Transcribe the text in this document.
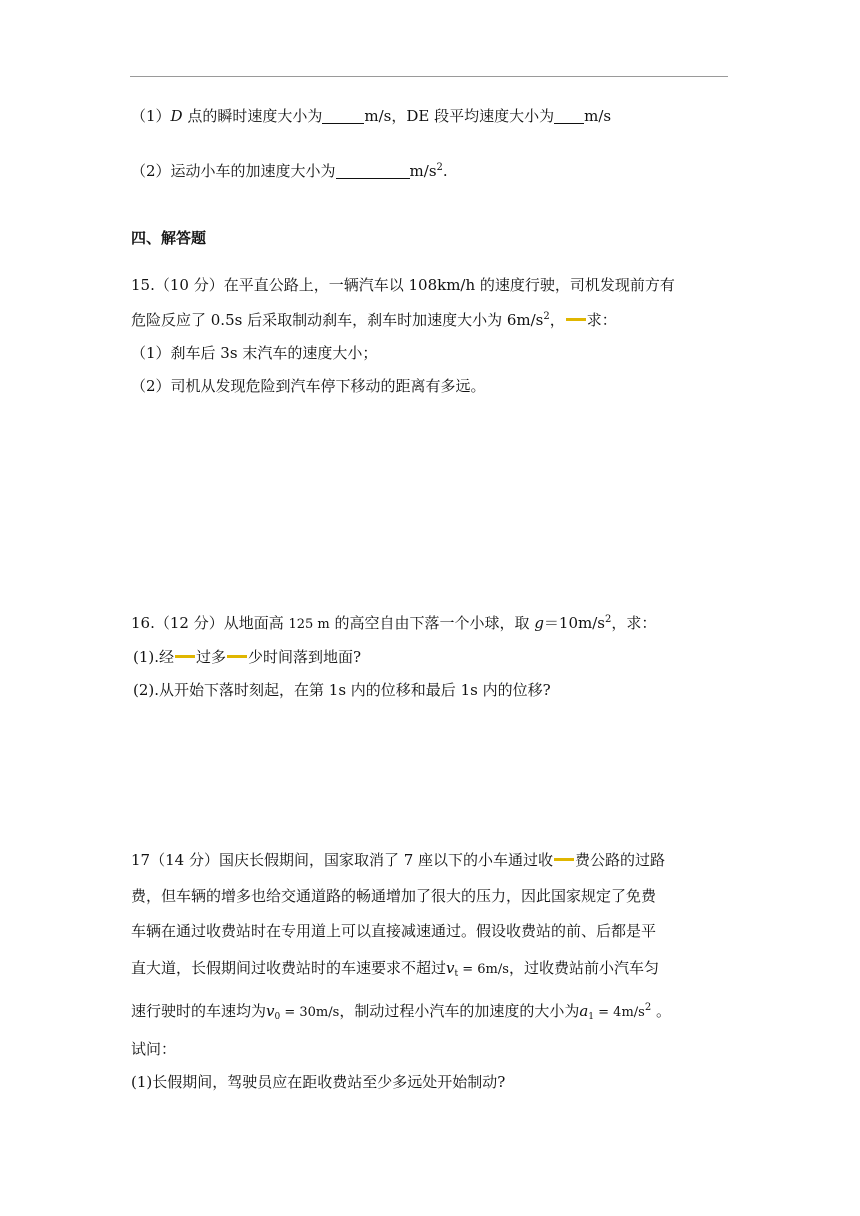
（1）D 点的瞬时速度大小为	m/s，DE 段平均速度大小为 m/s
（2）运动小车的加速度大小为	$m/s^2$.
四、解答题
15.（10 分）在平直公路上，一辆汽车以 108km/h 的速度行驶，司机发现前方有
危险反应了 0.5s 后采取制动刹车，刹车时加速度大小为 $6m/s^2$， 求：
（1）刹车后 3s 末汽车的速度大小；
（2）司机从发现危险到汽车停下移动的距离有多远。
16.（12 分）从地面高 125 m 的高空自由下落一个小球，取 $g=10m/s^2$，求：
(1).经 过多 少时间落到地面?
(2).从开始下落时刻起，在第 1s 内的位移和最后 1s 内的位移?
17（14 分）国庆长假期间，国家取消了 7 座以下的小车通过收 费公路的过路
费，但车辆的增多也给交通道路的畅通增加了很大的压力，因此国家规定了免费
车辆在通过收费站时在专用道上可以直接减速通过。假设收费站的前、后都是平
直大道，长假期间过收费站时的车速要求不超过$v_t = 6m/s$，过收费站前小汽车匀
速行驶时的车速均为$v_0 = 30m/s$，制动过程小汽车的加速度的大小为$a_1 = 4m/s^2$ 。
试问：
(1)长假期间，驾驶员应在距收费站至少多远处开始制动?
